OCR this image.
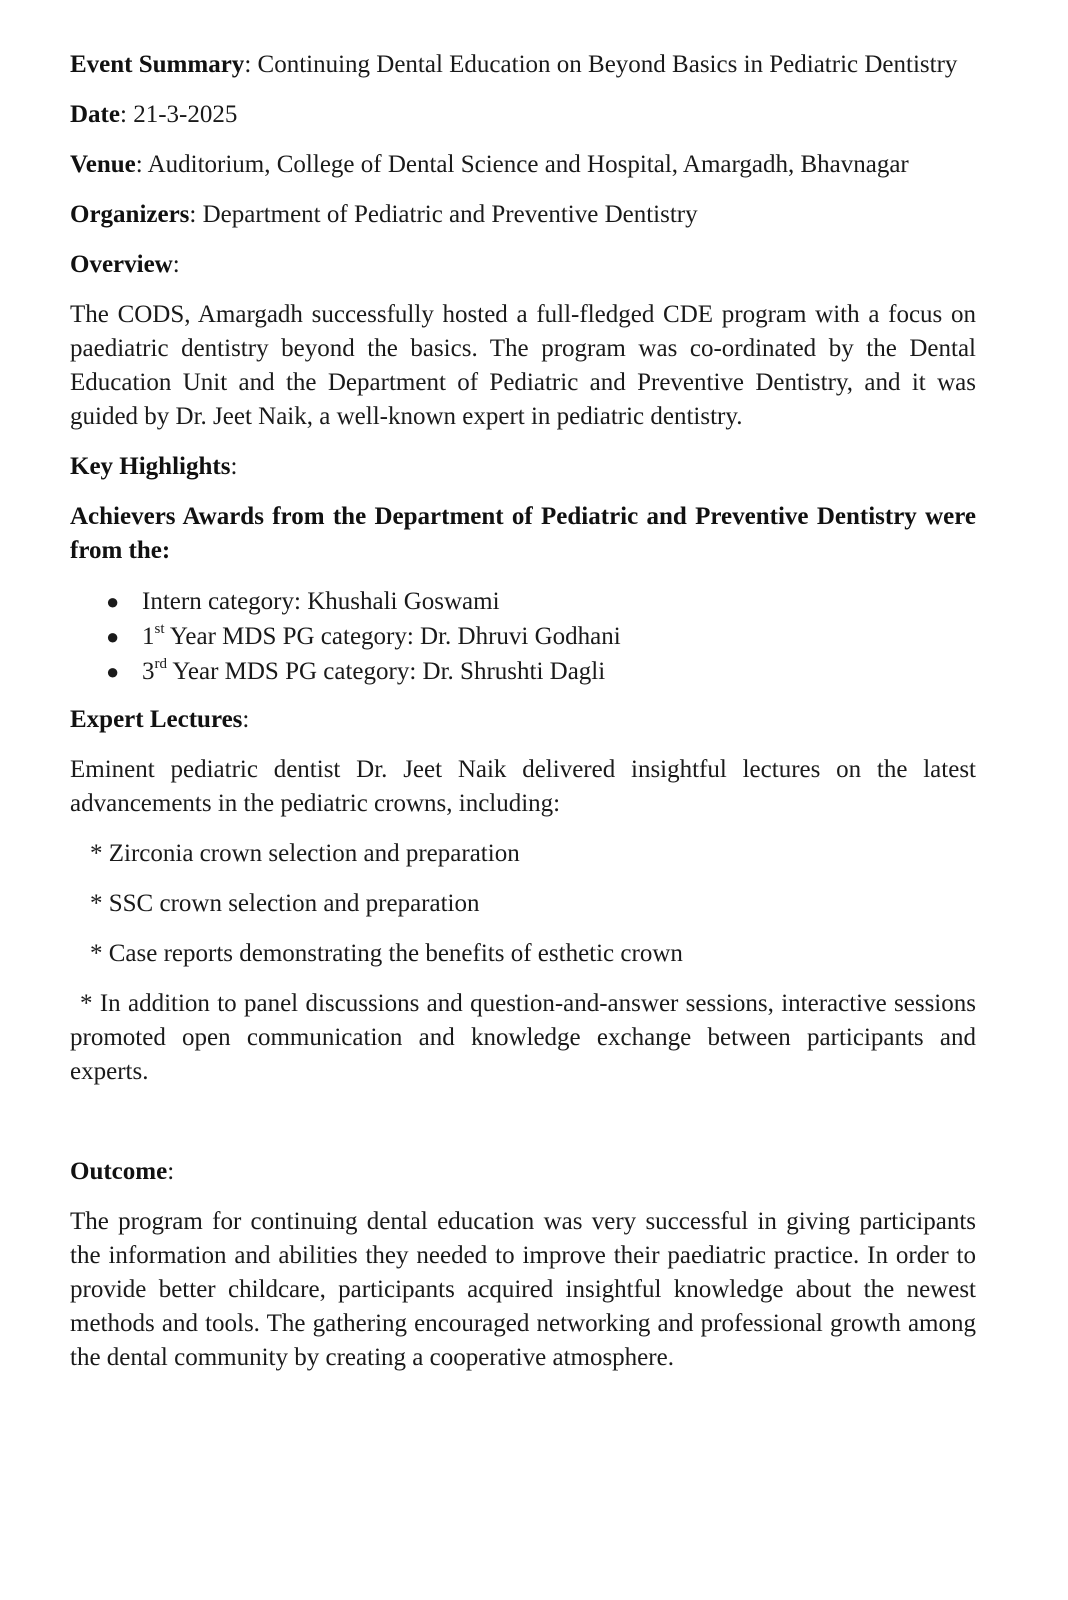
Event Summary: Continuing Dental Education on Beyond Basics in Pediatric Dentistry

Date: 21-3-2025

Venue: Auditorium, College of Dental Science and Hospital, Amargadh, Bhavnagar

Organizers: Department of Pediatric and Preventive Dentistry

Overview:

The CODS, Amargadh successfully hosted a full-fledged CDE program with a focus on paediatric dentistry beyond the basics. The program was co-ordinated by the Dental Education Unit and the Department of Pediatric and Preventive Dentistry, and it was guided by Dr. Jeet Naik, a well-known expert in pediatric dentistry.

Key Highlights:

Achievers Awards from the Department of Pediatric and Preventive Dentistry were from the:

● Intern category: Khushali Goswami
● 1st Year MDS PG category: Dr. Dhruvi Godhani
● 3rd Year MDS PG category: Dr. Shrushti Dagli

Expert Lectures:

Eminent pediatric dentist Dr. Jeet Naik delivered insightful lectures on the latest advancements in the pediatric crowns, including:

* Zirconia crown selection and preparation

* SSC crown selection and preparation

* Case reports demonstrating the benefits of esthetic crown

* In addition to panel discussions and question-and-answer sessions, interactive sessions promoted open communication and knowledge exchange between participants and experts.

Outcome:

The program for continuing dental education was very successful in giving participants the information and abilities they needed to improve their paediatric practice. In order to provide better childcare, participants acquired insightful knowledge about the newest methods and tools. The gathering encouraged networking and professional growth among the dental community by creating a cooperative atmosphere.
